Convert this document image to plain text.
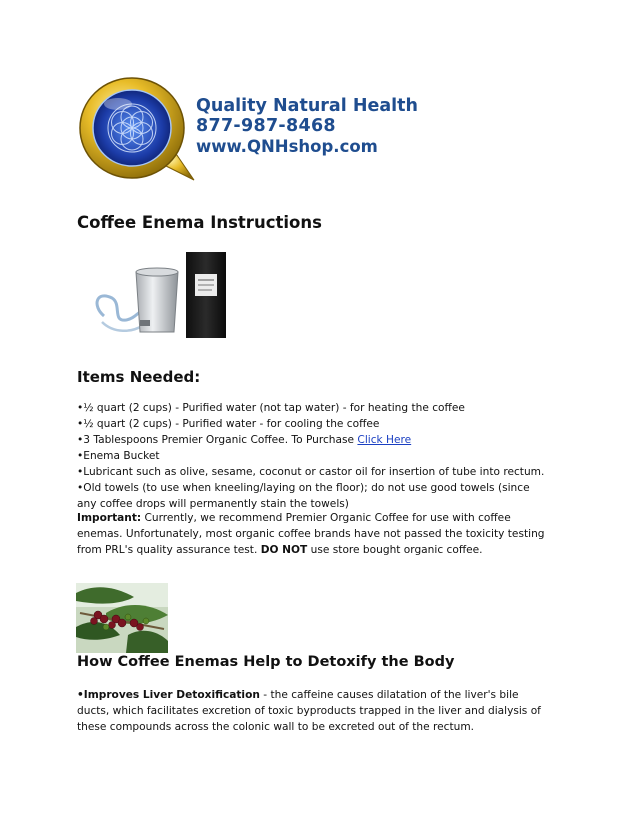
Quality Natural Health
877-987-8468
www.QNHshop.com
Coffee Enema Instructions
Items Needed:
•½ quart (2 cups) - Purified water (not tap water) - for heating the coffee
•½ quart (2 cups) - Purified water - for cooling the coffee
•3 Tablespoons Premier Organic Coffee. To Purchase Click Here
•Enema Bucket
•Lubricant such as olive, sesame, coconut or castor oil for insertion of tube into rectum.
•Old towels (to use when kneeling/laying on the floor); do not use good towels (since any coffee drops will permanently stain the towels)
Important: Currently, we recommend Premier Organic Coffee for use with coffee enemas. Unfortunately, most organic coffee brands have not passed the toxicity testing from PRL's quality assurance test. DO NOT use store bought organic coffee.
How Coffee Enemas Help to Detoxify the Body
•Improves Liver Detoxification - the caffeine causes dilatation of the liver's bile ducts, which facilitates excretion of toxic byproducts trapped in the liver and dialysis of these compounds across the colonic wall to be excreted out of the rectum.
